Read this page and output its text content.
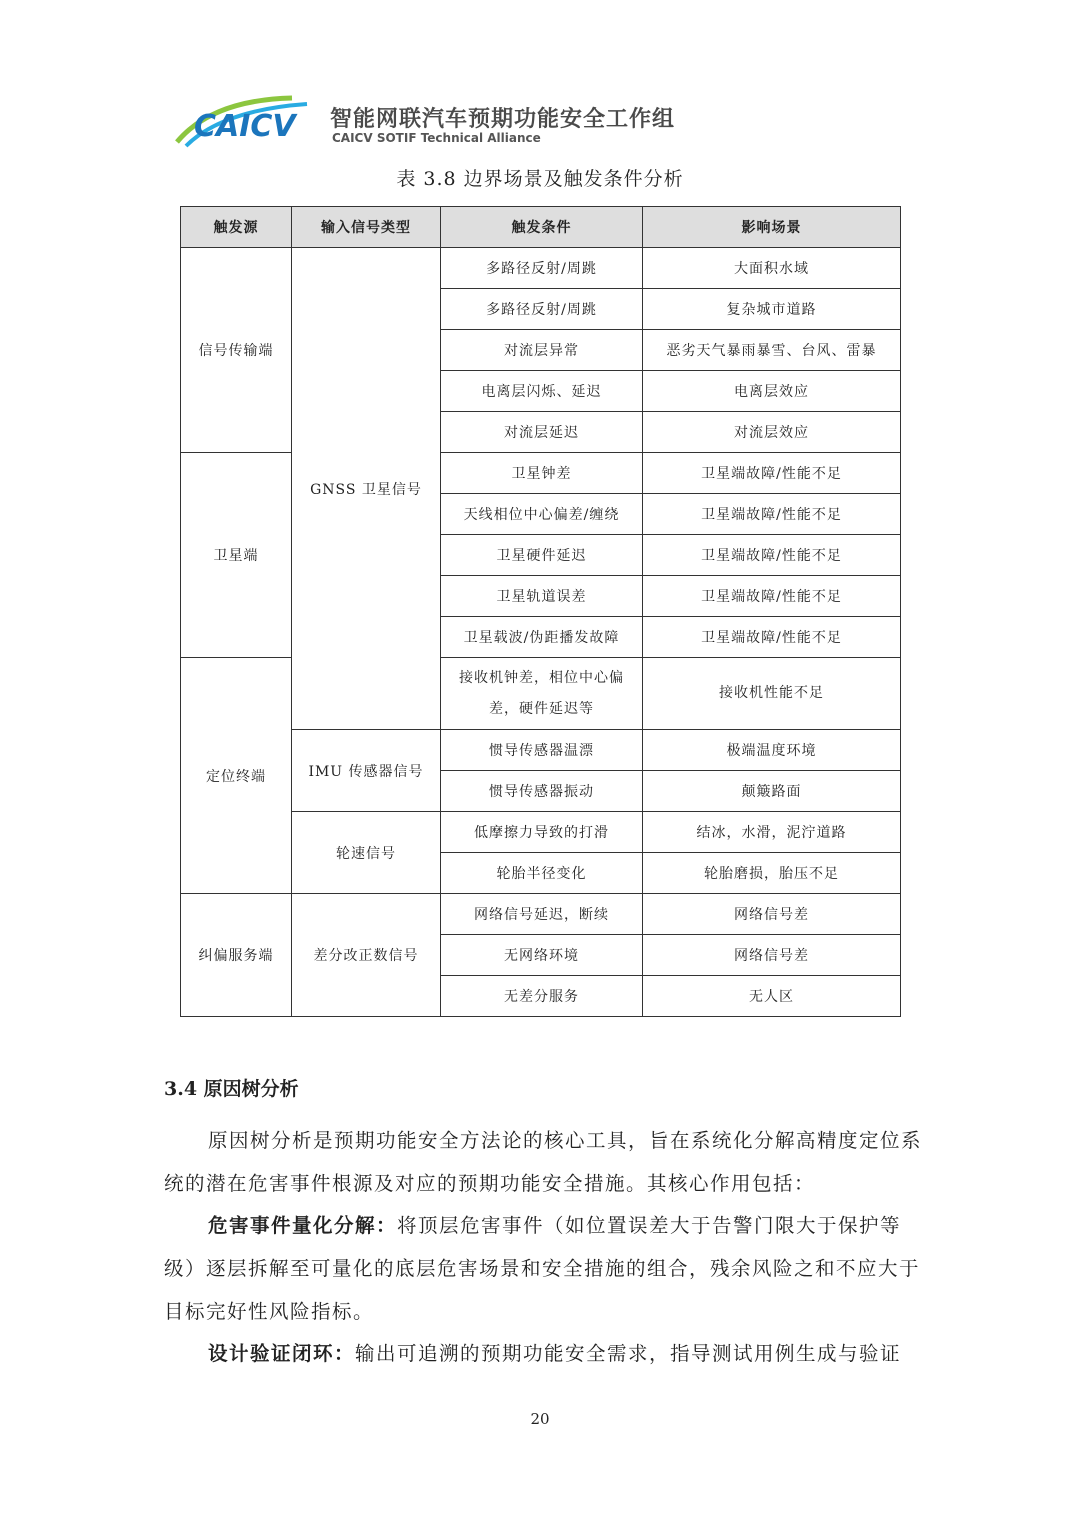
CAICV 智能网联汽车预期功能安全工作组
CAICV SOTIF Technical Alliance
表 3.8 边界场景及触发条件分析
触发源	输入信号类型	触发条件	影响场景
信号传输端	GNSS 卫星信号	多路径反射/周跳	大面积水域
		多路径反射/周跳	复杂城市道路
		对流层异常	恶劣天气暴雨暴雪、台风、雷暴
		电离层闪烁、延迟	电离层效应
		对流层延迟	对流层效应
卫星端		卫星钟差	卫星端故障/性能不足
		天线相位中心偏差/缠绕	卫星端故障/性能不足
		卫星硬件延迟	卫星端故障/性能不足
		卫星轨道误差	卫星端故障/性能不足
		卫星载波/伪距播发故障	卫星端故障/性能不足
定位终端		接收机钟差，相位中心偏差，硬件延迟等	接收机性能不足
	IMU 传感器信号	惯导传感器温漂	极端温度环境
		惯导传感器振动	颠簸路面
	轮速信号	低摩擦力导致的打滑	结冰，水滑，泥泞道路
		轮胎半径变化	轮胎磨损，胎压不足
纠偏服务端	差分改正数信号	网络信号延迟，断续	网络信号差
		无网络环境	网络信号差
		无差分服务	无人区
3.4 原因树分析
原因树分析是预期功能安全方法论的核心工具，旨在系统化分解高精度定位系统的潜在危害事件根源及对应的预期功能安全措施。其核心作用包括：
危害事件量化分解：将顶层危害事件（如位置误差大于告警门限大于保护等级）逐层拆解至可量化的底层危害场景和安全措施的组合，残余风险之和不应大于目标完好性风险指标。
设计验证闭环：输出可追溯的预期功能安全需求，指导测试用例生成与验证
20
